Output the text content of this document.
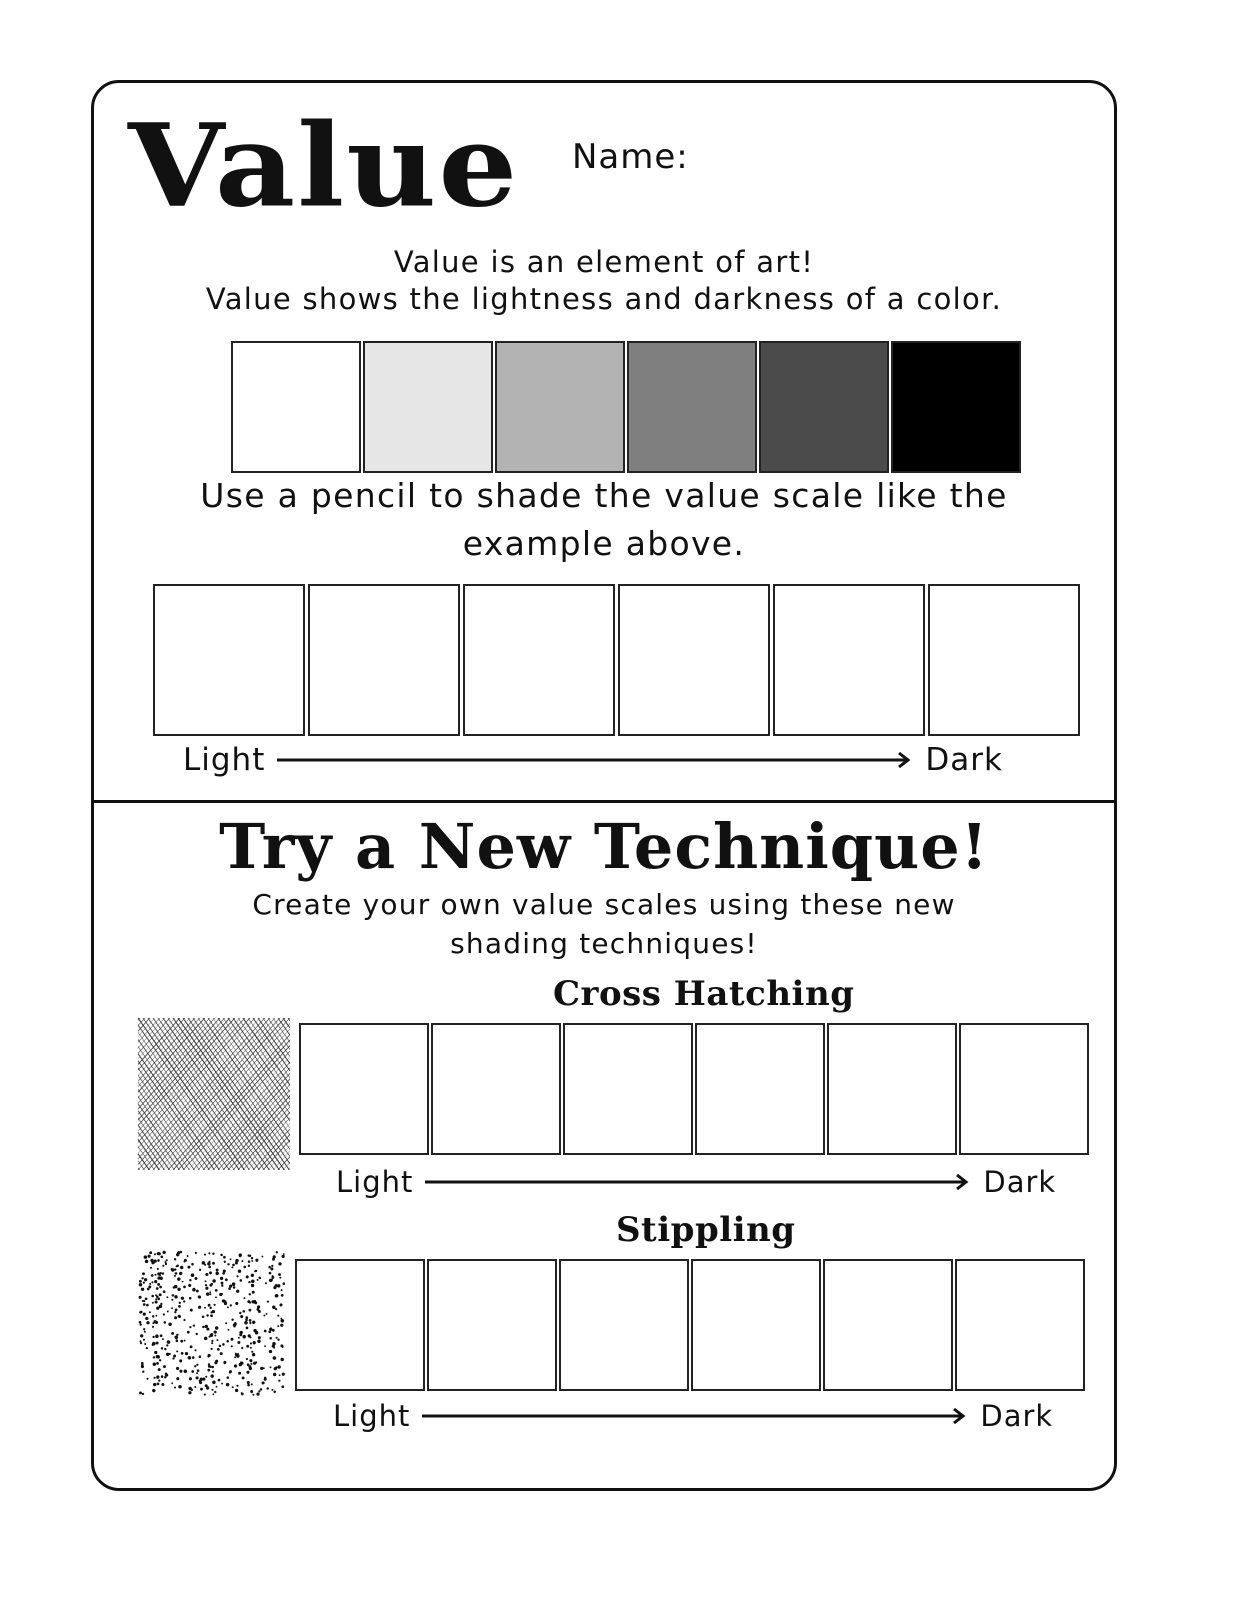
Value Name:
Value is an element of art!
Value shows the lightness and darkness of a color.
Use a pencil to shade the value scale like the
example above.
Light	Dark
Try a New Technique!
Create your own value scales using these new
shading techniques!
Cross Hatching
Light	Dark
Stippling
Light	Dark
